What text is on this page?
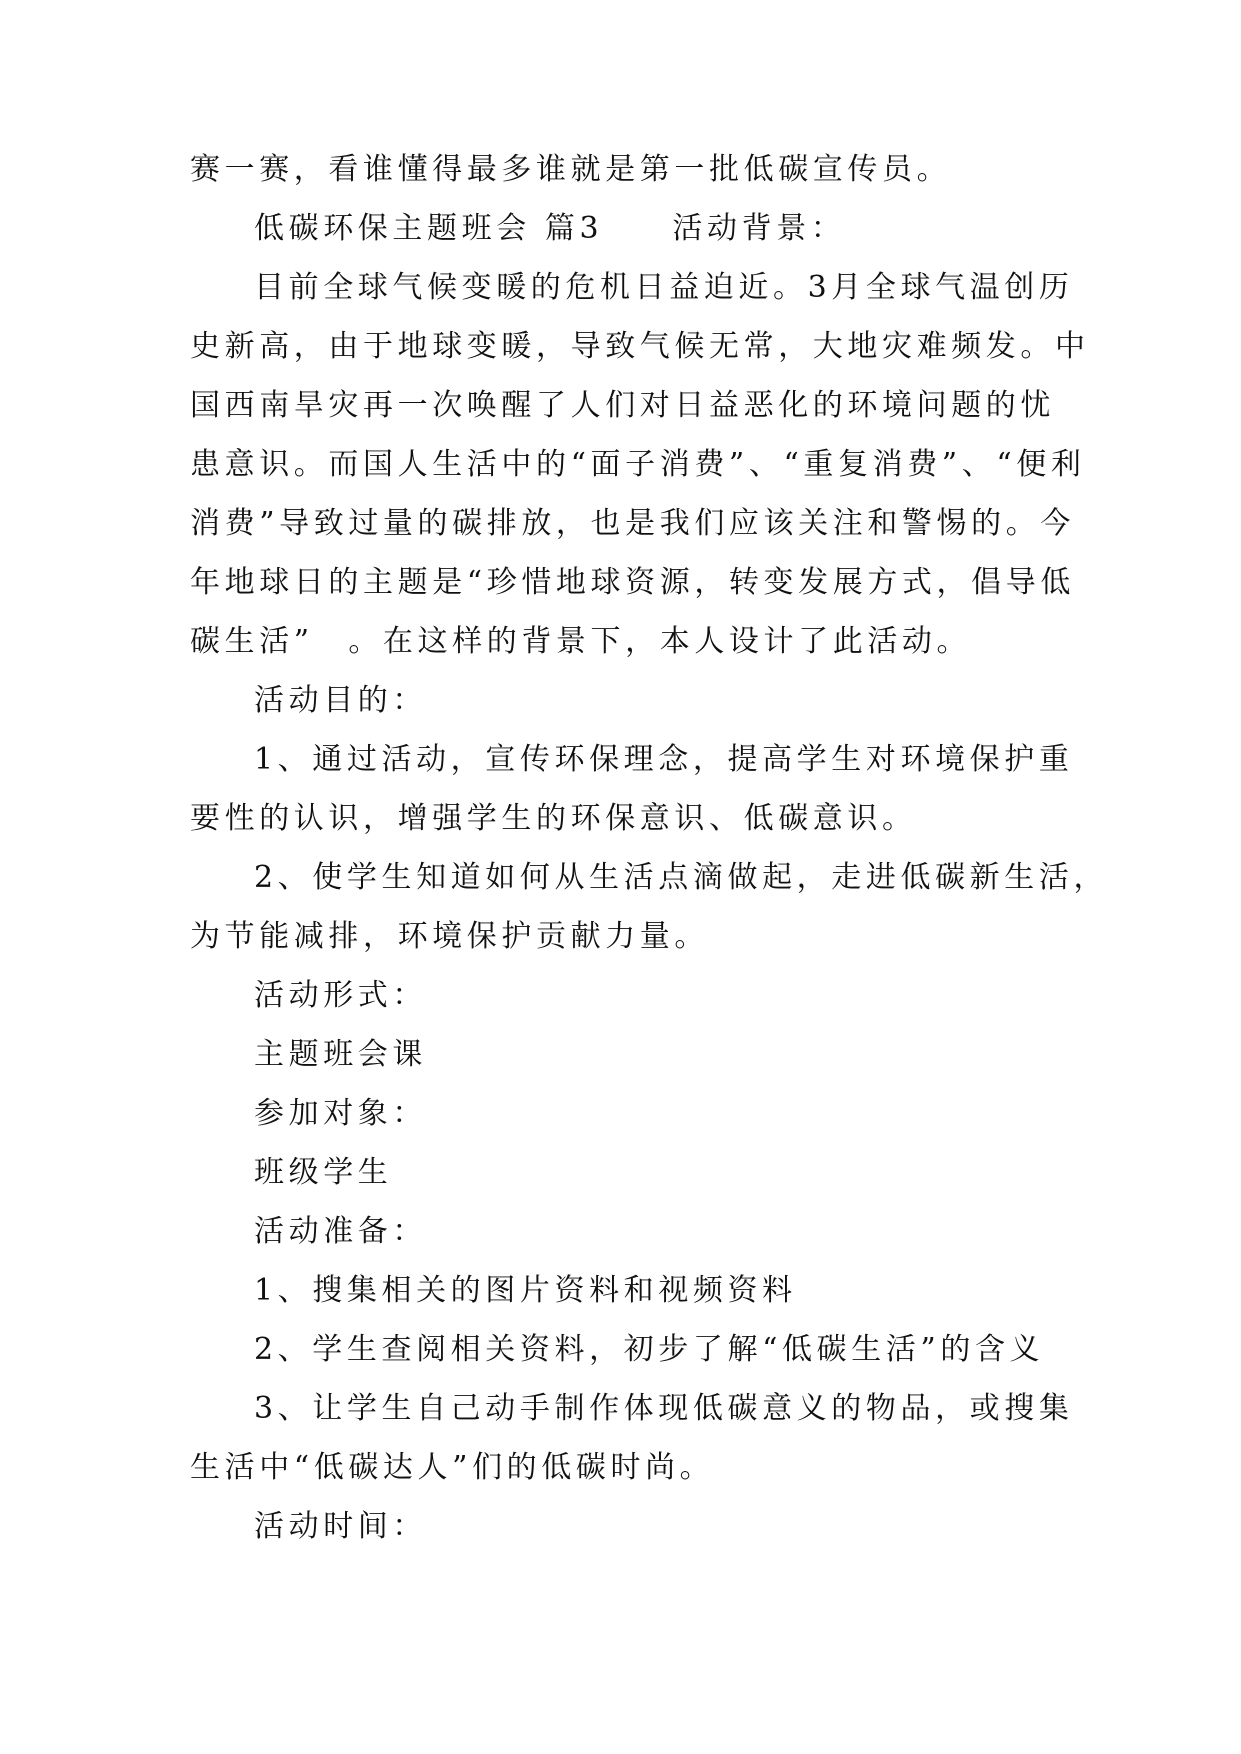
赛一赛，看谁懂得最多谁就是第一批低碳宣传员。
低碳环保主题班会 篇3　　活动背景：
目前全球气候变暖的危机日益迫近。3月全球气温创历
史新高，由于地球变暖，导致气候无常，大地灾难频发。中
国西南旱灾再一次唤醒了人们对日益恶化的环境问题的忧
患意识。而国人生活中的“面子消费”、“重复消费”、“便利
消费”导致过量的碳排放，也是我们应该关注和警惕的。今
年地球日的主题是“珍惜地球资源，转变发展方式，倡导低
碳生活”　。在这样的背景下，本人设计了此活动。
活动目的：
1、通过活动，宣传环保理念，提高学生对环境保护重
要性的认识，增强学生的环保意识、低碳意识。
2、使学生知道如何从生活点滴做起，走进低碳新生活，
为节能减排，环境保护贡献力量。
活动形式：
主题班会课
参加对象：
班级学生
活动准备：
1、搜集相关的图片资料和视频资料
2、学生查阅相关资料，初步了解“低碳生活”的含义
3、让学生自己动手制作体现低碳意义的物品，或搜集
生活中“低碳达人”们的低碳时尚。
活动时间：
